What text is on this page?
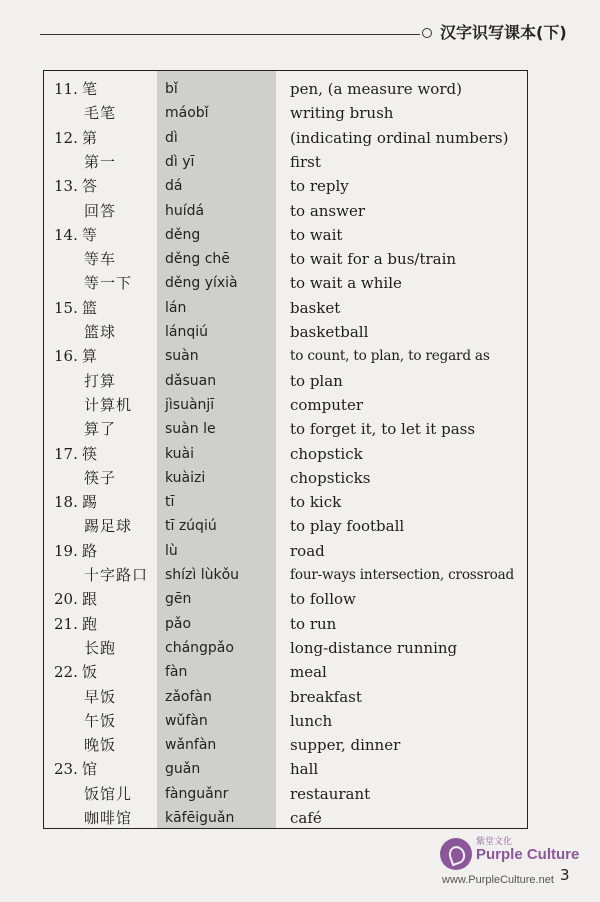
汉字识写课本(下)
11. 笔	bǐ	pen, (a measure word)
毛笔	máobǐ	writing brush
12. 第	dì	(indicating ordinal numbers)
第一	dì yī	first
13. 答	dá	to reply
回答	huídá	to answer
14. 等	děng	to wait
等车	děng chē	to wait for a bus/train
等一下 děng yíxià	to wait a while
15. 篮	lán	basket
篮球	lánqiú	basketball
16. 算	suàn	to count, to plan, to regard as
打算	dǎsuan	to plan
计算机 jìsuànjī	computer
算了	suàn le	to forget it, to let it pass
17. 筷	kuài	chopstick
筷子	kuàizi	chopsticks
18. 踢	tī	to kick
踢足球 tī zúqiú	to play football
19. 路	lù	road
十字路口 shízì lùkǒu	four-ways intersection, crossroad
20. 跟	gēn	to follow
21. 跑	pǎo	to run
长跑	chángpǎo	long-distance running
22. 饭	fàn	meal
早饭	zǎofàn	breakfast
午饭	wǔfàn	lunch
晚饭	wǎnfàn	supper, dinner
23. 馆	guǎn	hall
饭馆儿 fànguǎnr	restaurant
咖啡馆 kāfēiguǎn	café
紫堂文化
Purple Culture
www.PurpleCulture.net 3
